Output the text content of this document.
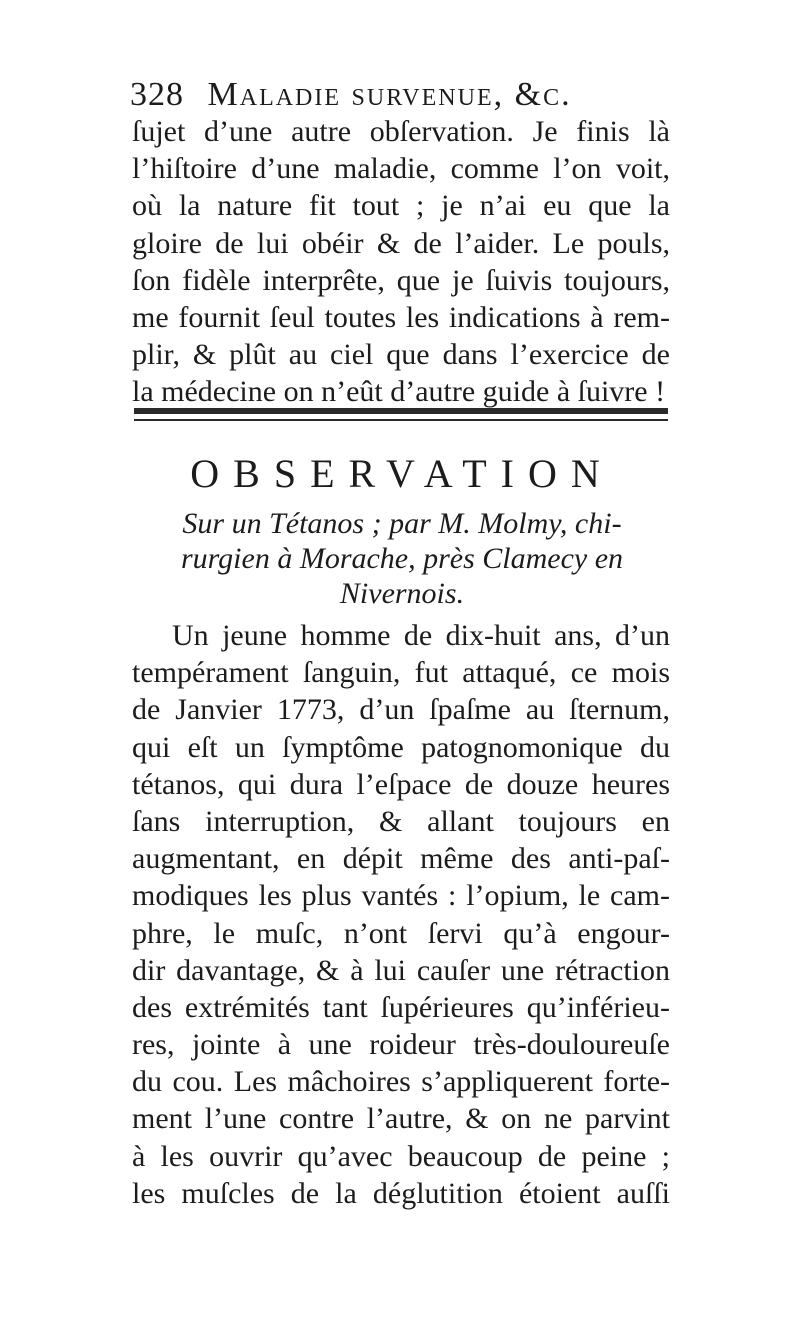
328 Maladie survenue, &c.
ſujet d’une autre obſervation. Je finis là
l’hiſtoire d’une maladie, comme l’on voit,
où la nature fit tout ; je n’ai eu que la
gloire de lui obéir & de l’aider. Le pouls,
ſon fidèle interprête, que je ſuivis toujours,
me fournit ſeul toutes les indications à rem-
plir, & plût au ciel que dans l’exercice de
la médecine on n’eût d’autre guide à ſuivre !
OBSERVATION
Sur un Tétanos ; par M. Molmy, chi-
rurgien à Morache, près Clamecy en
Nivernois.
Un jeune homme de dix-huit ans, d’un
tempérament ſanguin, fut attaqué, ce mois
de Janvier 1773, d’un ſpaſme au ſternum,
qui eſt un ſymptôme patognomonique du
tétanos, qui dura l’eſpace de douze heures
ſans interruption, & allant toujours en
augmentant, en dépit même des anti-paſ-
modiques les plus vantés : l’opium, le cam-
phre, le muſc, n’ont ſervi qu’à engour-
dir davantage, & à lui cauſer une rétraction
des extrémités tant ſupérieures qu’inférieu-
res, jointe à une roideur très-douloureuſe
du cou. Les mâchoires s’appliquerent forte-
ment l’une contre l’autre, & on ne parvint
à les ouvrir qu’avec beaucoup de peine ;
les muſcles de la déglutition étoient auſſi
